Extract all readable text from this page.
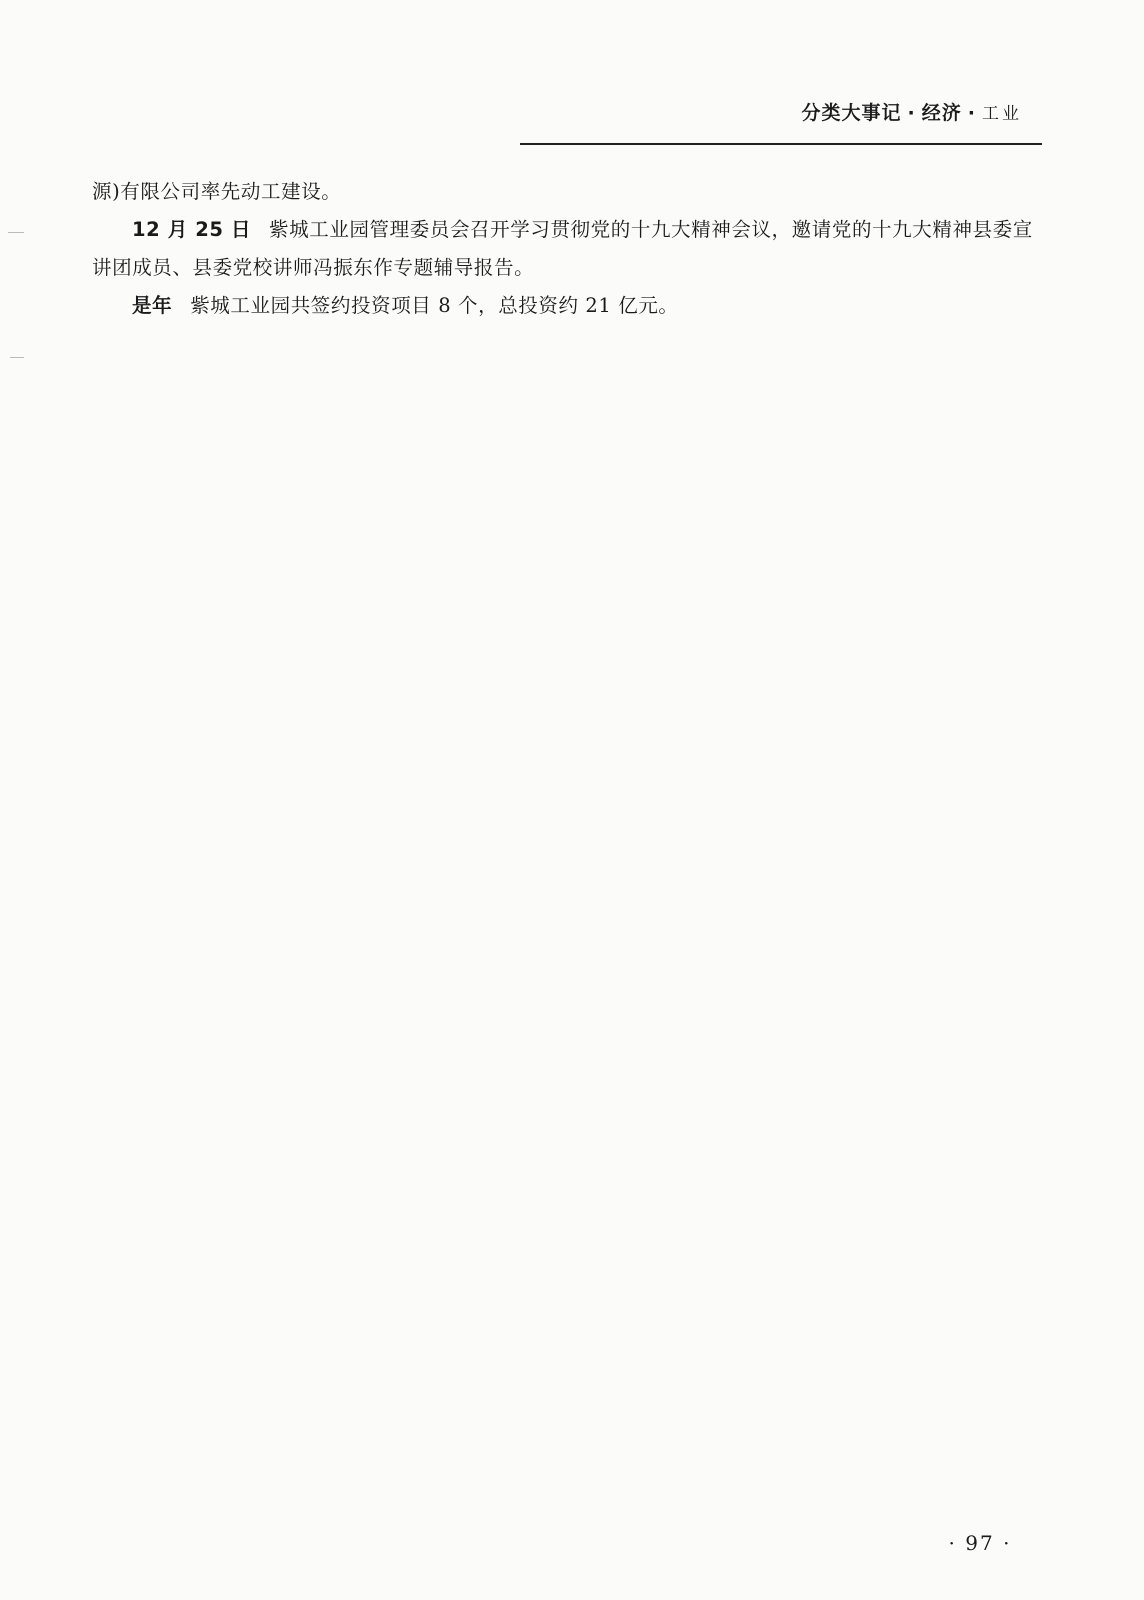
分类大事记 · 经济 · 工业

源)有限公司率先动工建设。

12 月 25 日 紫城工业园管理委员会召开学习贯彻党的十九大精神会议，邀请党的十九大精神县委宣讲团成员、县委党校讲师冯振东作专题辅导报告。

是年 紫城工业园共签约投资项目 8 个，总投资约 21 亿元。

· 97 ·
